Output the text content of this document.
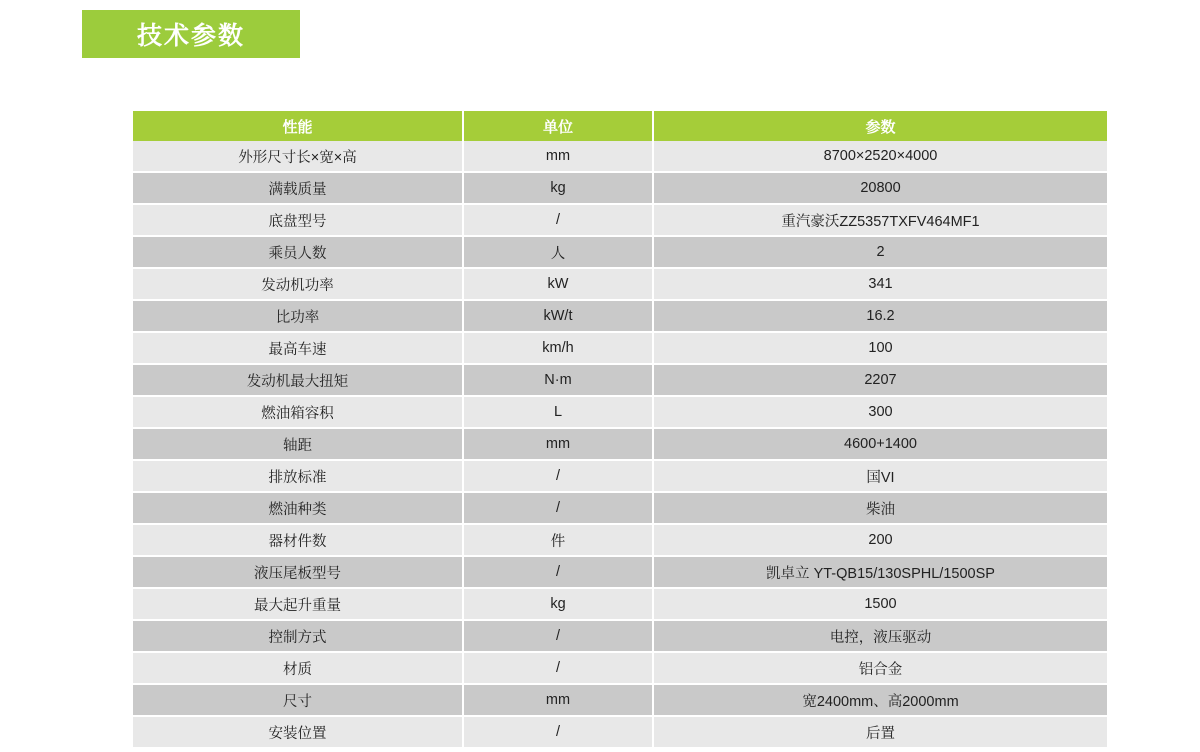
技术参数
性能	单位	参数
外形尺寸长×宽×高	mm	8700×2520×4000
满载质量	kg	20800
底盘型号	/	重汽豪沃ZZ5357TXFV464MF1
乘员人数	人	2
发动机功率	kW	341
比功率	kW/t	16.2
最高车速	km/h	100
发动机最大扭矩	N·m	2207
燃油箱容积	L	300
轴距	mm	4600+1400
排放标准	/	国VI
燃油种类	/	柴油
器材件数	件	200
液压尾板型号	/	凯卓立 YT-QB15/130SPHL/1500SP
最大起升重量	kg	1500
控制方式	/	电控，液压驱动
材质	/	铝合金
尺寸	mm	宽2400mm、高2000mm
安装位置	/	后置
